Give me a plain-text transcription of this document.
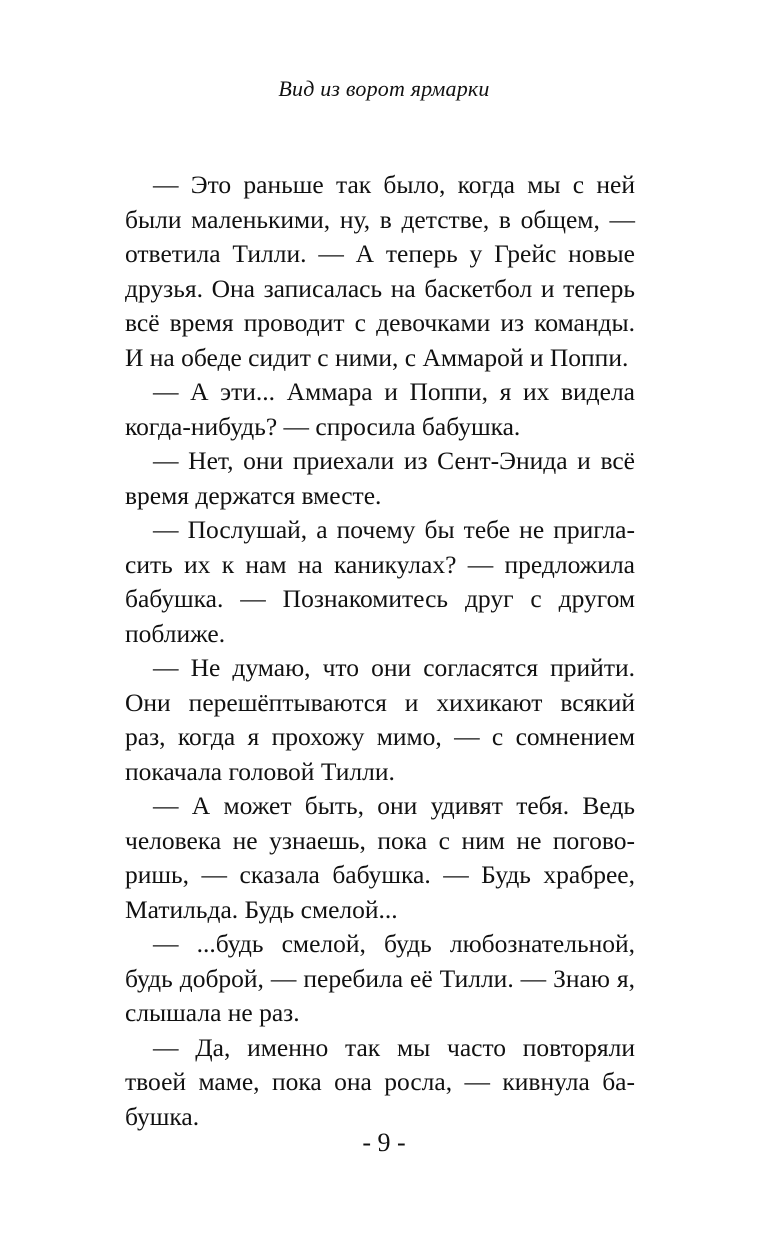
Вид из ворот ярмарки

— Это раньше так было, когда мы с ней были маленькими, ну, в детстве, в общем, — ответила Тилли. — А теперь у Грейс новые друзья. Она записалась на баскетбол и теперь всё время проводит с девочками из команды. И на обеде сидит с ними, с Аммарой и Поппи.

— А эти... Аммара и Поппи, я их видела когда-нибудь? — спросила бабушка.

— Нет, они приехали из Сент-Энида и всё время держатся вместе.

— Послушай, а почему бы тебе не пригласить их к нам на каникулах? — предложила бабушка. — Познакомитесь друг с другом поближе.

— Не думаю, что они согласятся прийти. Они перешёптываются и хихикают всякий раз, когда я прохожу мимо, — с сомнением покачала головой Тилли.

— А может быть, они удивят тебя. Ведь человека не узнаешь, пока с ним не поговоришь, — сказала бабушка. — Будь храбрее, Матильда. Будь смелой...

— ...будь смелой, будь любознательной, будь доброй, — перебила её Тилли. — Знаю я, слышала не раз.

— Да, именно так мы часто повторяли твоей маме, пока она росла, — кивнула бабушка.

- 9 -
